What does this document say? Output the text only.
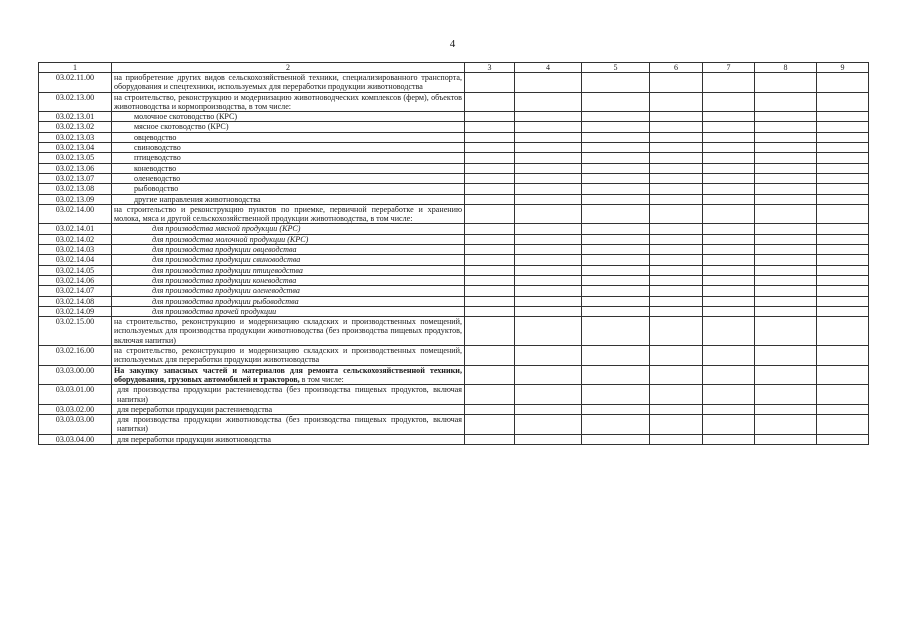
4
1	2	3	4	5	6	7	8	9
03.02.11.00	на приобретение других видов сельскохозяйственной техники, специализированного транспорта, оборудования и спецтехники, используемых для переработки продукции животноводства							
03.02.13.00	на строительство, реконструкцию и модернизацию животноводческих комплексов (ферм), объектов животноводства и кормопроизводства, в том числе:							
03.02.13.01	молочное скотоводство (КРС)							
03.02.13.02	мясное скотоводство (КРС)							
03.02.13.03	овцеводство							
03.02.13.04	свиноводство							
03.02.13.05	птицеводство							
03.02.13.06	коневодство							
03.02.13.07	оленеводство							
03.02.13.08	рыбоводство							
03.02.13.09	другие направления животноводства							
03.02.14.00	на строительство и реконструкцию пунктов по приемке, первичной переработке и хранению молока, мяса и другой сельскохозяйственной продукции животноводства, в том числе:							
03.02.14.01	для производства мясной продукции (КРС)							
03.02.14.02	для производства молочной продукции (КРС)							
03.02.14.03	для производства продукции овцеводства							
03.02.14.04	для производства продукции свиноводства							
03.02.14.05	для производства продукции птицеводства							
03.02.14.06	для производства продукции коневодства							
03.02.14.07	для производства продукции оленеводства							
03.02.14.08	для производства продукции рыбоводства							
03.02.14.09	для производства прочей продукции							
03.02.15.00	на строительство, реконструкцию и модернизацию складских и производственных помещений, используемых для производства продукции животноводства (без производства пищевых продуктов, включая напитки)							
03.02.16.00	на строительство, реконструкцию и модернизацию складских и производственных помещений, используемых для переработки продукции животноводства							
03.03.00.00	На закупку запасных частей и материалов для ремонта сельскохозяйственной техники, оборудования, грузовых автомобилей и тракторов, в том числе:							
03.03.01.00	для производства продукции растениеводства (без производства пищевых продуктов, включая напитки)							
03.03.02.00	для переработки продукции растениеводства							
03.03.03.00	для производства продукции животноводства (без производства пищевых продуктов, включая напитки)							
03.03.04.00	для переработки продукции животноводства							
